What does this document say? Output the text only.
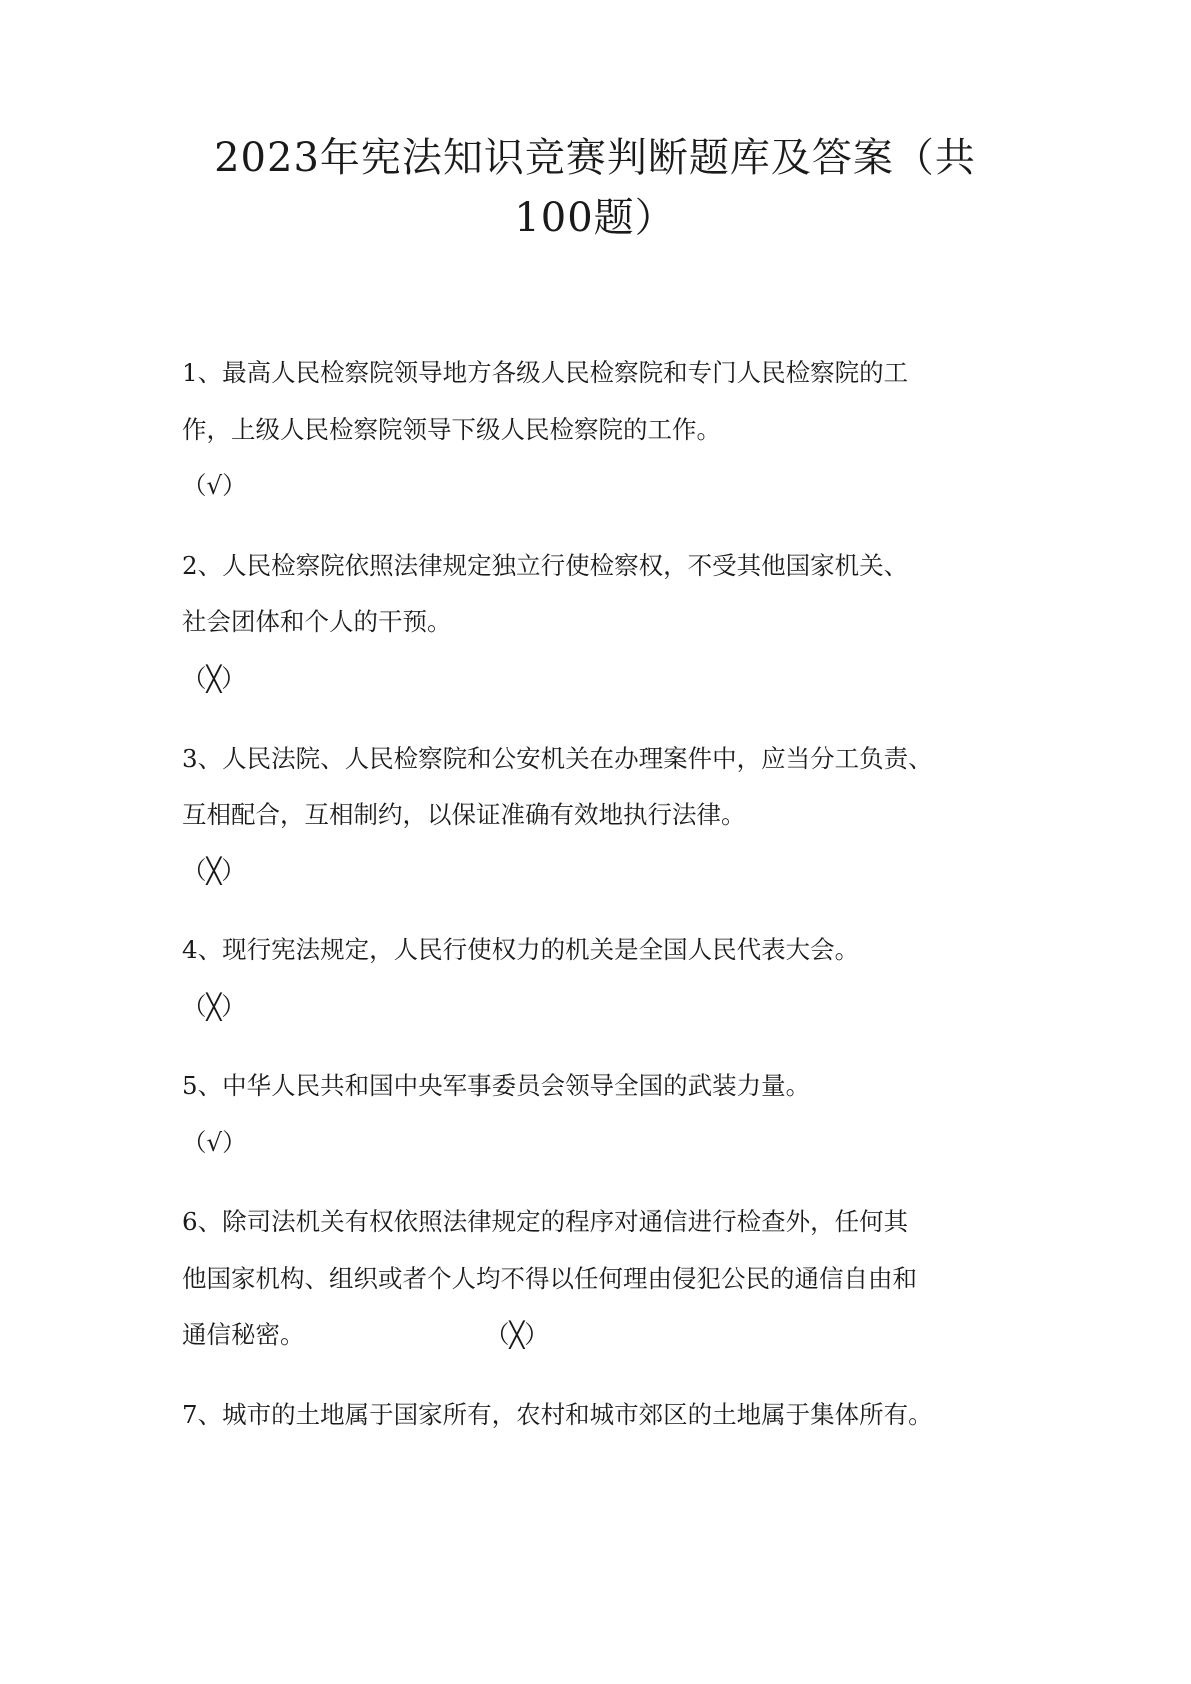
2023年宪法知识竞赛判断题库及答案（共
100题）
1、最高人民检察院领导地方各级人民检察院和专门人民检察院的工
作，上级人民检察院领导下级人民检察院的工作。
（√）
2、人民检察院依照法律规定独立行使检察权，不受其他国家机关、
社会团体和个人的干预。
（╳）
3、人民法院、人民检察院和公安机关在办理案件中，应当分工负责、
互相配合，互相制约，以保证准确有效地执行法律。
（╳）
4、现行宪法规定，人民行使权力的机关是全国人民代表大会。
（╳）
5、中华人民共和国中央军事委员会领导全国的武装力量。
（√）
6、除司法机关有权依照法律规定的程序对通信进行检查外，任何其
他国家机构、组织或者个人均不得以任何理由侵犯公民的通信自由和
通信秘密。	（╳）
7、城市的土地属于国家所有，农村和城市郊区的土地属于集体所有。
